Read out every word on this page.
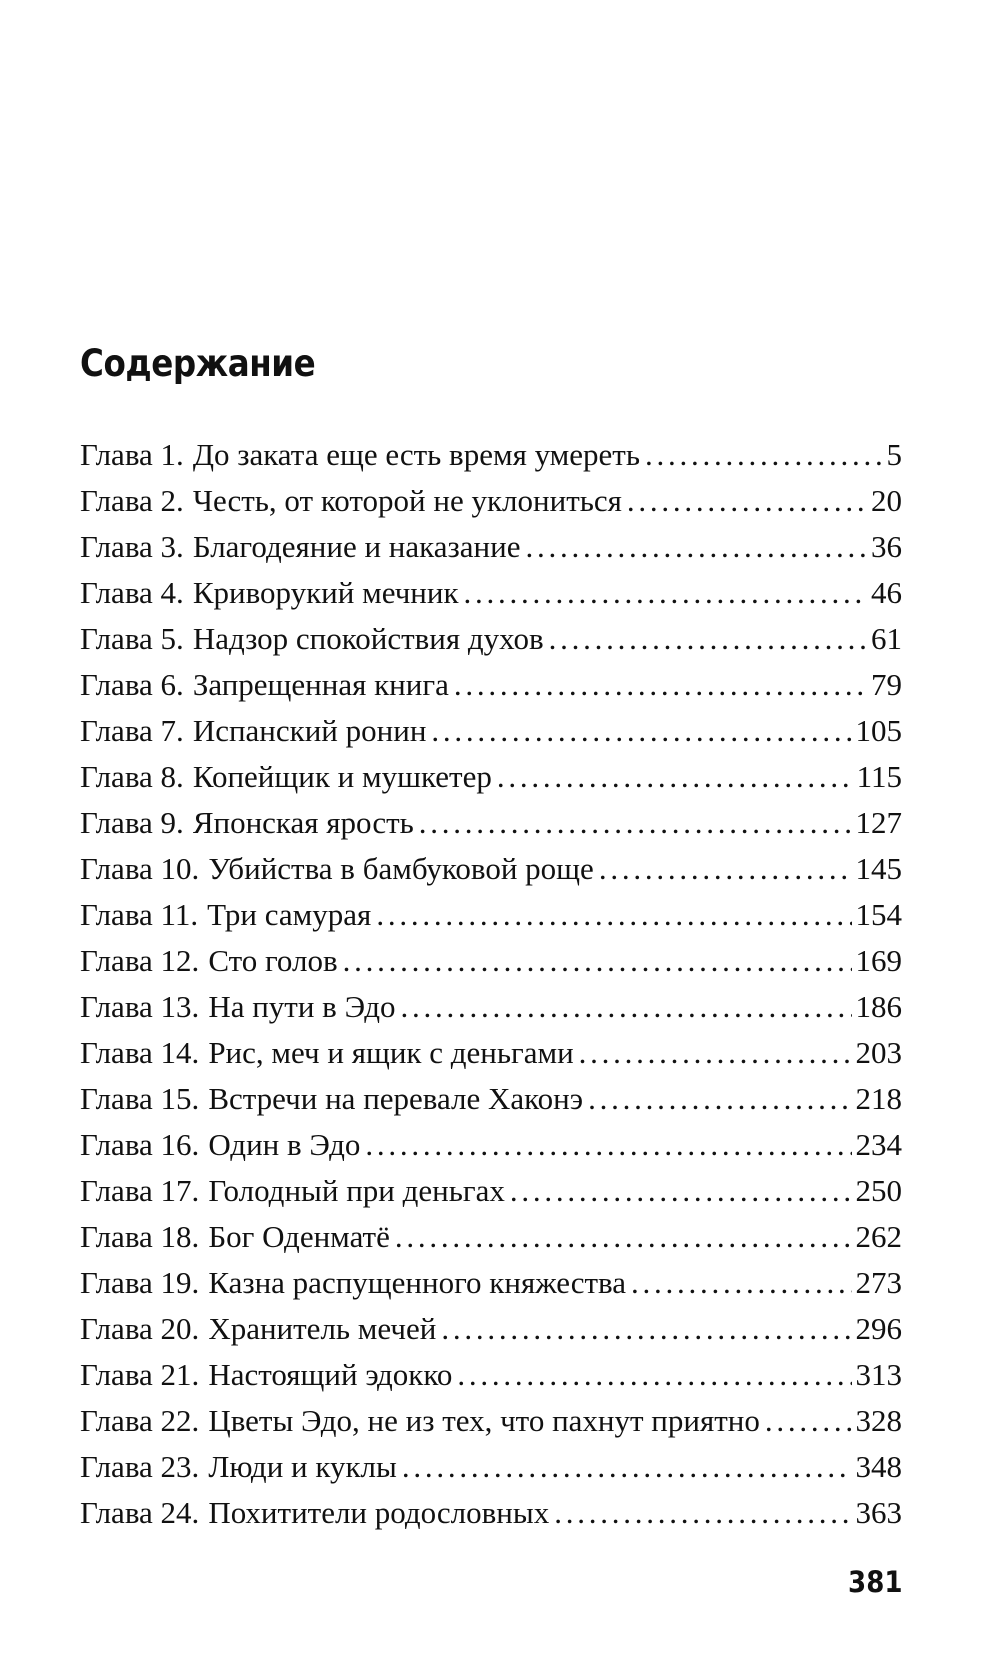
Содержание
Глава 1. До заката еще есть время умереть . . .	5
Глава 2. Честь, от которой не уклониться . . .	20
Глава 3. Благодеяние и наказание . . .	36
Глава 4. Криворукий мечник . . .	46
Глава 5. Надзор спокойствия духов . . .	61
Глава 6. Запрещенная книга . . .	79
Глава 7. Испанский ронин . . .	105
Глава 8. Копейщик и мушкетер . . .	115
Глава 9. Японская ярость . . .	127
Глава 10. Убийства в бамбуковой роще . . .	145
Глава 11. Три самурая . . .	154
Глава 12. Сто голов . . .	169
Глава 13. На пути в Эдо . . .	186
Глава 14. Рис, меч и ящик с деньгами . . .	203
Глава 15. Встречи на перевале Хаконэ . . .	218
Глава 16. Один в Эдо . . .	234
Глава 17. Голодный при деньгах . . .	250
Глава 18. Бог Оденматё . . .	262
Глава 19. Казна распущенного княжества . . .	273
Глава 20. Хранитель мечей . . .	296
Глава 21. Настоящий эдокко . . .	313
Глава 22. Цветы Эдо, не из тех, что пахнут приятно . . .	328
Глава 23. Люди и куклы . . .	348
Глава 24. Похитители родословных . . .	363
381
